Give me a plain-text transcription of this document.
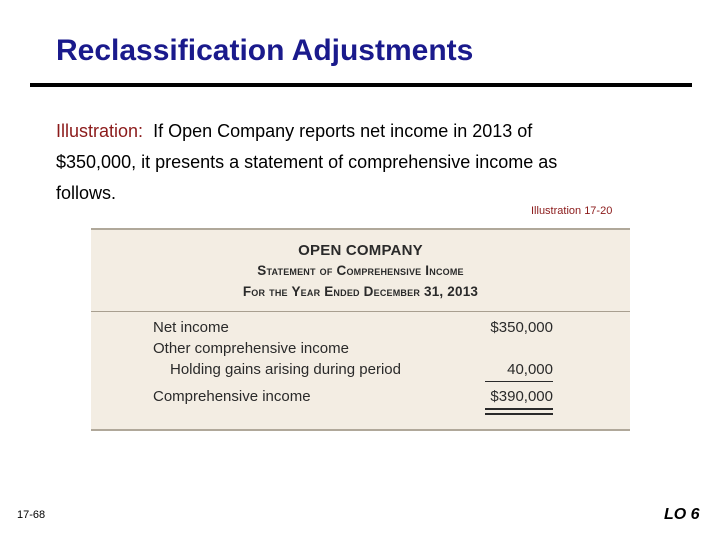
Reclassification Adjustments
Illustration: If Open Company reports net income in 2013 of
$350,000, it presents a statement of comprehensive income as
follows.
Illustration 17-20
OPEN COMPANY
Statement of Comprehensive Income
For the Year Ended December 31, 2013
Net income	$350,000
Other comprehensive income
Holding gains arising during period	40,000
Comprehensive income	$390,000
17-68	LO 6
